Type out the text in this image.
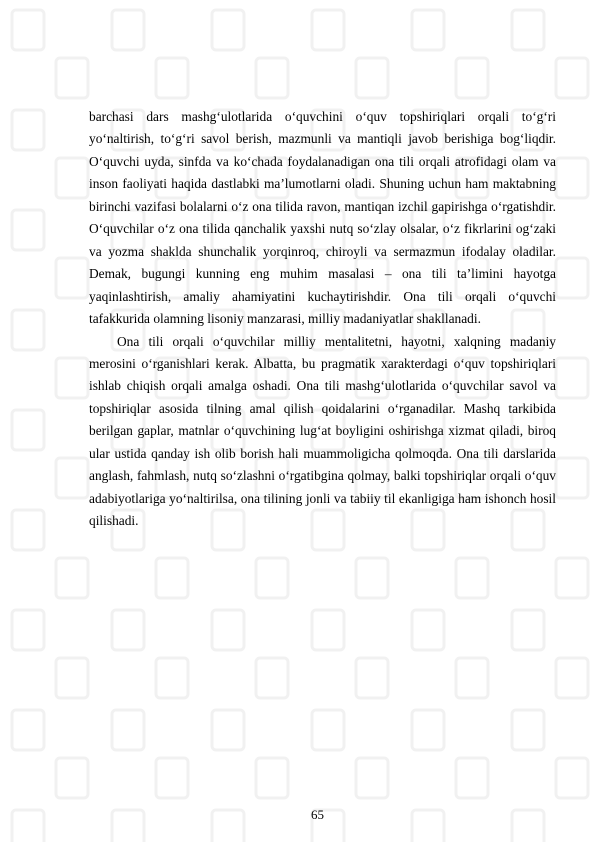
barchasi dars mashg‘ulotlarida o‘quvchini o‘quv topshiriqlari orqali to‘g‘ri yo‘naltirish, to‘g‘ri savol berish, mazmunli va mantiqli javob berishiga bog‘liqdir. O‘quvchi uyda, sinfda va ko‘chada foydalanadigan ona tili orqali atrofidagi olam va inson faoliyati haqida dastlabki ma’lumotlarni oladi. Shuning uchun ham maktabning birinchi vazifasi bolalarni o‘z ona tilida ravon, mantiqan izchil gapirishga o‘rgatishdir. O‘quvchilar o‘z ona tilida qanchalik yaxshi nutq so‘zlay olsalar, o‘z fikrlarini og‘zaki va yozma shaklda shunchalik yorqinroq, chiroyli va sermazmun ifodalay oladilar. Demak, bugungi kunning eng muhim masalasi – ona tili ta’limini hayotga yaqinlashtirish, amaliy ahamiyatini kuchaytirishdir. Ona tili orqali o‘quvchi tafakkurida olamning lisoniy manzarasi, milliy madaniyatlar shakllanadi.

Ona tili orqali o‘quvchilar milliy mentalitetni, hayotni, xalqning madaniy merosini o‘rganishlari kerak. Albatta, bu pragmatik xarakterdagi o‘quv topshiriqlari ishlab chiqish orqali amalga oshadi. Ona tili mashg‘ulotlarida o‘quvchilar savol va topshiriqlar asosida tilning amal qilish qoidalarini o‘rganadilar. Mashq tarkibida berilgan gaplar, matnlar o‘quvchining lug‘at boyligini oshirishga xizmat qiladi, biroq ular ustida qanday ish olib borish hali muammoligicha qolmoqda. Ona tili darslarida anglash, fahmlash, nutq so‘zlashni o‘rgatibgina qolmay, balki topshiriqlar orqali o‘quv adabiyotlariga yo‘naltirilsa, ona tilining jonli va tabiiy til ekanligiga ham ishonch hosil qilishadi.

65
